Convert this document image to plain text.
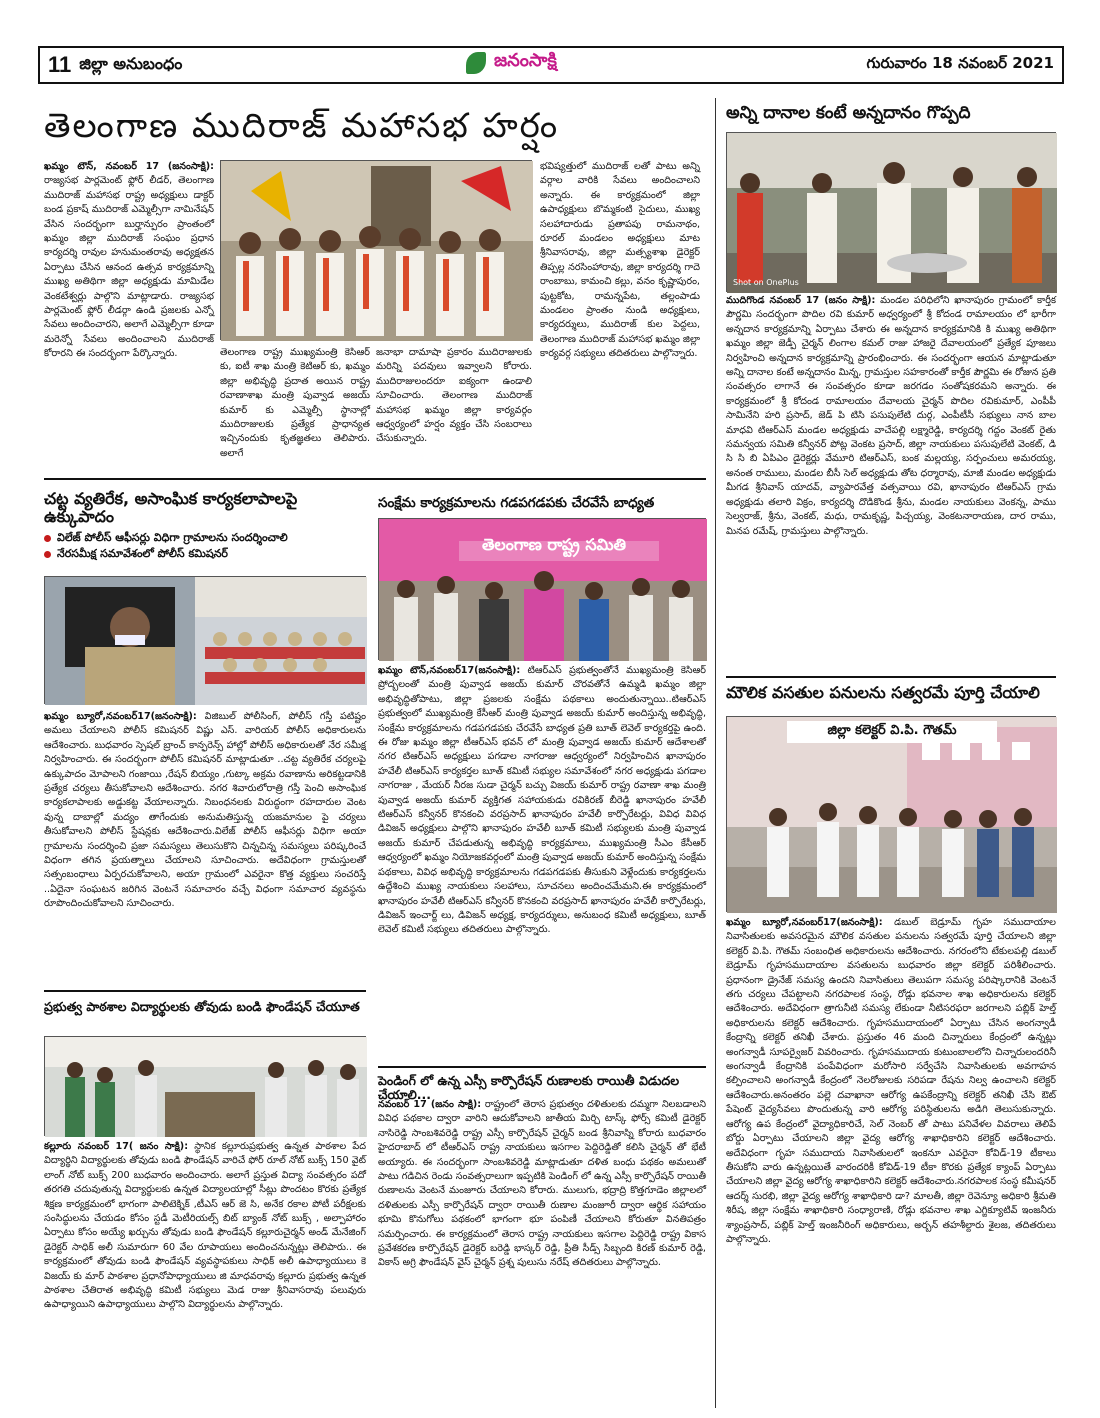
11 జిల్లా అనుబంధం	గురువారం 18 నవంబర్ 2021
జనంసాక్షి
తెలంగాణ ముదిరాజ్ మహాసభ హర్షం
ఖమ్మం టౌన్, నవంబర్ 17 (జనంసాక్షి): రాజ్యసభ పార్లమెంట్ ఫ్లోర్ లీడర్, తెలంగాణ ముదిరాజ్ మహాసభ రాష్ట్ర అధ్యక్షులు డాక్టర్ బండ ప్రకాష్ ముదిరాజ్ ఎమ్మెల్సీగా నామినేషన్ వేసిన సందర్భంగా బుర్హాన్పురం ప్రాంతంలో ఖమ్మం జిల్లా ముదిరాజ్ సంఘం ప్రధాన కార్యదర్శి రావుల హనుమంతరావు అధ్యక్షతన ఏర్పాటు చేసిన ఆనంద ఉత్సవ కార్యక్రమాన్ని ముఖ్య అతిథిగా జిల్లా అధ్యక్షుడు మామిడేల వెంకటేశ్వర్లు పాల్గొని మాట్లాడారు. రాజ్యసభ పార్లమెంట్ ఫ్లోర్ లీడర్గా ఉండి ప్రజలకు ఎన్నో సేవలు అందించారని, అలాగే ఎమ్మెల్సీగా కూడా మరెన్నో సేవలు అందించాలని ముదిరాజ్ కోరారని ఈ సందర్భంగా పేర్కొన్నారు.	తెలంగాణ రాష్ట్ర ముఖ్యమంత్రి కెసిఆర్ కు, ఐటీ శాఖ మంత్రి కెటిఆర్ కు, ఖమ్మం జిల్లా అభివృద్ధి ప్రదాత అయిన రాష్ట్ర రవాణాశాఖ మంత్రి పువ్వాడ అజయ్ కుమార్ కు ఎమ్మెల్సీ స్థానాల్లో ముదిరాజులకు ప్రత్యేక ప్రాధాన్యత ఇచ్చినందుకు కృతజ్ఞతలు తెలిపారు. అలాగే
జనాభా దామాషా ప్రకారం ముదిరాజులకు మరిన్ని పదవులు ఇవ్వాలని కోరారు. ముదిరాజులందరూ ఐక్యంగా ఉండాలి సూచించారు. తెలంగాణ ముదిరాజ్ మహాసభ ఖమ్మం జిల్లా కార్యవర్గం ఆధ్వర్యంలో హర్షం వ్యక్తం చేసి సంబరాలు చేసుకున్నారు.
భవిష్యత్తులో ముదిరాజ్ లతో పాటు అన్ని వర్గాల వారికి సేవలు అందించాలని అన్నారు. ఈ కార్యక్రమంలో జిల్లా ఉపాధ్యక్షులు బొమ్మకంటి సైదులు, ముఖ్య సలహాదారుడు ప్రతాపపు రామనాథం, రూరల్ మండలం అధ్యక్షులు మాట శ్రీనివాసరావు, జిల్లా మత్స్యశాఖ డైరెక్టర్ తిప్పల్ల నరసింహారావు, జిల్లా కార్యదర్శి గాదె రాంబాబు, కామంచి కల్లు, వనం కృష్ణాపురం, పుట్టకోట, రామన్నపేట, తల్లంపాడు మండలం ప్రాంతం నుండి అధ్యక్షులు, కార్యదర్శులు, ముదిరాజ్ కుల పెద్దలు, తెలంగాణ ముదిరాజ్ మహాసభ ఖమ్మం జిల్లా కార్యవర్గ సభ్యులు తదితరులు పాల్గొన్నారు.
అన్ని దానాల కంటే అన్నదానం గొప్పది
Shot on OnePlus
ముదిగొండ నవంబర్ 17 (జనం సాక్షి): మండల పరిధిలోని ఖానాపురం గ్రామంలో కార్తీక పౌర్ణమి సందర్భంగా పొదిల రవి కుమార్ అధ్వర్యంలో శ్రీ కోదండ రామాలయం లో భారీగా అన్నదాన కార్యక్రమాన్ని ఏర్పాటు చేశారు ఈ అన్నదాన కార్యక్రమానికి కి ముఖ్య అతిథిగా ఖమ్మం జిల్లా జెడ్పీ చైర్మన్ లింగాల కమల్ రాజు హాజరై దేవాలయంలో ప్రత్యేక పూజలు నిర్వహించి అన్నదాన కార్యక్రమాన్ని ప్రారంభించారు. ఈ సందర్భంగా ఆయన మాట్లాడుతూ అన్ని దానాల కంటే అన్నదానం మిన్న, గ్రామస్తుల సహకారంతో కార్తీక పౌర్ణమి ఈ రోజున ప్రతి సంవత్సరం లాగానే ఈ సంవత్సరం కూడా జరగడం సంతోషకరమని అన్నారు. ఈ కార్యక్రమంలో శ్రీ కోదండ రామాలయం దేవాలయ చైర్మన్ పొదిల రవికుమార్, ఎంపీపీ సామినేని హరి ప్రసాద్, జెడ్ పి టిసి పసుపులేటి దుర్గ, ఎంపీటీసీ సభ్యులు నాన బాల మాధవి టిఆర్ఎస్ మండల అధ్యక్షుడు వాచేపల్లి లక్ష్మారెడ్డి, కార్యదర్శి గద్దం వెంకట్ రైతు సమన్వయ సమితి కన్వీనర్ పోట్ల వెంకట ప్రసాద్, జిల్లా నాయకులు పసుపులేటి వెంకట్, డి సి సి బి ఏపిఎం డైరెక్టర్లు వేమూరి టిఆర్ఎస్, బంక మల్లయ్య, సర్పంచులు అమరయ్య, అనంత రాములు, మండల బీసీ సెల్ అధ్యక్షుడు తోట ధర్మారావు, మాజీ మండల అధ్యక్షుడు మీగడ శ్రీనివాస్ యాదవ్, వ్యాపారవేత్త వత్సవాయి రవి, ఖానాపురం టిఆర్ఎస్ గ్రామ అధ్యక్షుడు తలారి విక్రం, కార్యదర్శి దొడికొండ శ్రీను, మండల నాయకులు వెంకన్న, పాము సెల్వరాజ్, శ్రీను, వెంకట్, మధు, రామకృష్ణ, పిచ్చయ్య, వెంకటనారాయణ, దార రాము, మినప రమేష్, గ్రామస్తులు పాల్గొన్నారు.
మౌలిక వసతుల పనులను సత్వరమే పూర్తి చేయాలి
జిల్లా కలెక్టర్ వి.పి. గౌతమ్
ఖమ్మం బ్యూరో,నవంబర్17(జనంసాక్షి): డబుల్ బెడ్రూమ్ గృహ సముదాయాల నివాసితులకు అవసరమైన మౌలిక వసతుల పనులను సత్వరమే పూర్తి చేయాలని జిల్లా కలెక్టర్ వి.పి. గౌతమ్ సంబంధిత అధికారులను ఆదేశించారు. నగరంలోని టేకులపల్లి డబుల్ బెడ్రూమ్ గృహసముదాయాల వసతులను బుధవారం జిల్లా కలెక్టర్ పరిశీలించారు. ప్రధానంగా డ్రైనేజ్ సమస్య ఉందని నివాసితులు తెలుపగా సమస్య పరిష్కారానికి వెంటనే తగు చర్యలు చేపట్టాలని నగరపాలక సంస్థ, రోడ్లు భవనాల శాఖ అధికారులను కలెక్టర్ ఆదేశించారు. అదేవిధంగా త్రాగునీటి సమస్య లేకుండా నీటిసరఫరా జరగాలని పబ్లిక్ హెల్త్ అధికారులను కలెక్టర్ ఆదేశించారు. గృహసముదాయంలో ఏర్పాటు చేసిన అంగన్వాడీ కేంద్రాన్ని కలెక్టర్ తనిఖీ చేశారు. ప్రస్తుతం 46 మంది చిన్నారులు కేంద్రంలో ఉన్నట్లు అంగన్వాడీ సూపర్వైజర్ వివరించారు. గృహసముదాయ కుటుంబాలలోని చిన్నారులందరినీ అంగన్వాడీ కేంద్రానికి పంపేవిధంగా మరోసారి సర్వేచేసి నివాసితులకు అవగాహన కల్పించాలని అంగన్వాడీ కేంద్రంలో నెలరోజులకు సరిపడా రేషను నిల్వ ఉంచాలని కలెక్టర్ ఆదేశించారు.అనంతరం పల్లె దవాఖానా ఆరోగ్య ఉపకేంద్రాన్ని కలెక్టర్ తనిఖీ చేసి ఔట్ పేషెంట్ వైద్యసేవలు పొందుతున్న వారి ఆరోగ్య పరిస్థితులను అడిగి తెలుసుకున్నారు. ఆరోగ్య ఉప కేంద్రంలో వైద్యాధికారిచే, సెల్ నెంబర్ తో పాటు పనివేళల వివరాలు తెలిపే బోర్డు ఏర్పాటు చేయాలని జిల్లా వైద్య ఆరోగ్య శాఖాధికారిని కలెక్టర్ ఆదేశించారు. అదేవిధంగా గృహ సముదాయ నివాసితులలో ఇంకనూ ఎవరైనా కోవిడ్-19 టీకాలు తీసుకోని వారు ఉన్నట్లయితే వారందరికీ కోవిడ్-19 టీకా కొరకు ప్రత్యేక క్యాంప్ ఏర్పాటు చేయాలని జిల్లా వైద్య ఆరోగ్య శాఖాధికారిని కలెక్టర్ ఆదేశించారు.నగరపాలక సంస్థ కమీషనర్ ఆదర్శ్ సురభి, జిల్లా వైద్య ఆరోగ్య శాఖాధికారి డా? మాలతీ, జిల్లా రెవెన్యూ అధికారి శ్రీమతి శిరీష, జిల్లా సంక్షేమ శాఖాధికారి సంధ్యారాణి, రోడ్లు భవనాల శాఖ ఎగ్జిక్యూటివ్ ఇంజనీరు శ్యాంప్రసాద్, పబ్లిక్ హెల్త్ ఇంజనీరింగ్ అధికారులు, అర్బన్ తహశీల్దారు శైలజ, తదితరులు పాల్గొన్నారు.
చట్ట వ్యతిరేక, అసాంఘిక కార్యకలాపాలపై ఉక్కుపాదం
విలేజ్ పోలీస్ ఆఫీసర్లు విధిగా గ్రామాలను సందర్శించాలి
నేరసమీక్ష సమావేశంలో పోలీస్ కమిషనర్
ఖమ్మం బ్యూరో,నవంబర్17(జనంసాక్షి): విజిబుల్ పోలీసింగ్, పోలీస్ గస్తీ పటిష్టం అమలు చేయాలని పోలీస్ కమిషనర్ విష్ణు ఎస్. వారియర్ పోలీస్ అధికారులను ఆదేశించారు. బుధవారం స్పెషల్ బ్రాంచ్ కాన్ఫరెన్స్ హాల్లో పోలీస్ అధికారులతో నేర సమీక్ష నిర్వహించారు. ఈ సందర్భంగా పోలీస్ కమిషనర్ మాట్లాడుతూ ..చట్ట వ్యతిరేక చర్యలపై ఉక్కుపాదం మోపాలని గంజాయి ,రేషన్ బియ్యం ,గుట్కా అక్రమ రవాణాను అరికట్టడానికి ప్రత్యేక చర్యలు తీసుకోవాలని ఆదేశించారు. నగర శివారులోరాత్రి గస్తీ పెంచి అసాంఘిక కార్యకలాపాలకు అడ్డుకట్ట వేయాలన్నారు. నిబంధనలకు విరుద్ధంగా రహదారుల వెంట వున్న దాబాల్లో మద్యం తాగేందుకు అనుమతిస్తున్న యజమానుల పై చర్యలు తీసుకోవాలని పోలీస్ స్టేషన్లకు ఆదేశించారు.విలేజ్ పోలీస్ ఆఫీసర్లు విధిగా అయా గ్రామాలను సందర్శించి ప్రజా సమస్యలు తెలుసుకొని చిన్నచిన్న సమస్యలు పరిష్కరించే విధంగా తగిన ప్రయత్నాలు చేయాలని సూచించారు. అదేవిధంగా గ్రామస్తులతో సత్సంబంధాలు ఏర్పరచుకోవాలని, అయా గ్రామంలో ఎవరైనా కొత్త వ్యక్తులు సంచరిస్తే ..ఏదైనా సంఘటన జరిగిన వెంటనే సమాచారం వచ్చే విధంగా సమాచార వ్యవస్థను రూపొందించుకోవాలని సూచించారు.
సంక్షేమ కార్యక్రమాలను గడపగడపకు చేరవేసే బాధ్యత
తెలంగాణ రాష్ట్ర సమితి
ఖమ్మం టౌన్,నవంబర్17(జనంసాక్షి): టిఆర్ఎస్ ప్రభుత్వంతోనే ముఖ్యమంత్రి కెసిఆర్ ప్రోద్బలంతో మంత్రి పువ్వాడ అజయ్ కుమార్ చొరవతోనే ఉమ్మడి ఖమ్మం జిల్లా అభివృద్ధితోపాటు, జిల్లా ప్రజలకు సంక్షేమ పథకాలు అందుతున్నాయి..టిఆర్ఎస్ ప్రభుత్వంలో ముఖ్యమంత్రి కేసీఆర్ మంత్రి పువ్వాడ అజయ్ కుమార్ అందిస్తున్న అభివృద్ధి, సంక్షేమ కార్యక్రమాలను గడపగడపకు చేరవేసే బాధ్యత ప్రతి బూత్ లెవెల్ కార్యకర్తపై ఉంది. ఈ రోజు ఖమ్మం జిల్లా టీఆర్ఎస్ భవన్ లో మంత్రి పువ్వాడ అజయ్ కుమార్ ఆదేశాలతో నగర టిఆర్ఎస్ అధ్యక్షులు పగడాల నాగరాజు ఆధ్వర్యంలో నిర్వహించిన ఖానాపురం హవేలీ టిఆర్ఎస్ కార్యకర్తల బూత్ కమిటీ సభ్యుల సమావేశంలో నగర అధ్యక్షుడు పగడాల నాగరాజు , మేయర్ నీరజ సుడా చైర్మన్ బచ్చు విజయ్ కుమార్ రాష్ట్ర రవాణా శాఖ మంత్రి పువ్వాడ అజయ్ కుమార్ వ్యక్తిగత సహాయకుడు రవికిరణ్ బీరెడ్డి ఖానాపురం హవేలీ టిఆర్ఎస్ కన్వీనర్ కొనకంచి వరప్రసాద్ ఖానాపురం హవేలీ కార్పొరేటర్లు, వివిధ వివిధ డివిజన్ అధ్యక్షులు పాల్గొని ఖానాపురం హవేలీ బూత్ కమిటీ సభ్యులకు మంత్రి పువ్వాడ అజయ్ కుమార్ చేపడుతున్న అభివృద్ధి కార్యక్రమాలు, ముఖ్యమంత్రి సీఎం కేసీఆర్ ఆధ్వర్యంలో ఖమ్మం నియోజకవర్గంలో మంత్రి పువ్వాడ అజయ్ కుమార్ అందిస్తున్న సంక్షేమ పథకాలు, వివిధ అభివృద్ధి కార్యక్రమాలను గడపగడపకు తీసుకుని వెళ్లేందుకు కార్యకర్తలను ఉద్దేశించి ముఖ్య నాయకులు సలహాలు, సూచనలు అందించమేమని.ఈ కార్యక్రమంలో ఖానాపురం హవేలీ టిఆర్ఎస్ కన్వీనర్ కొనకంచి వరప్రసాద్ ఖానాపురం హవేలీ కార్పొరేటర్లు, డివిజన్ ఇంచార్జ్ లు, డివిజన్ అధ్యక్ష, కార్యదర్శులు, అనుబంధ కమిటీ అధ్యక్షులు, బూత్ లెవెల్ కమిటీ సభ్యులు తదితరులు పాల్గొన్నారు.
ప్రభుత్వ పాఠశాల విద్యార్థులకు తోవుడు బండి ఫౌండేషన్ చేయూత
కల్లూరు నవంబర్ 17( జనం సాక్షి): స్థానిక కల్లూరుప్రభుత్వ ఉన్నత పాఠశాల పేద విద్యార్థిని విద్యార్థులకు తోవుడు బండి ఫౌండేషన్ వారిచే ఫోర్ రూల్ నోట్ బుక్స్ 150 వైట్ లాంగ్ నోట్ బుక్స్ 200 బుధవారం అందించారు. అలాగే ప్రస్తుత విద్యా సంవత్సరం పదో తరగతి చదువుతున్న విద్యార్థులకు ఉన్నత విద్యాలయాల్లో సీట్లు పొందటం కొరకు ప్రత్యేక శిక్షణ కార్యక్రమంలో భాగంగా పాలిటెక్నిక్ ,టీఎస్ ఆర్ జె సి, అనేక రకాల పోటీ పరీక్షలకు సంసిద్ధులను చేయడం కోసం స్టడీ మెటీరియల్స్ బిట్ బ్యాంక్ నోట్ బుక్స్ , అల్పాహారం ఏర్పాటు కోసం అయ్యే ఖర్చును తోవుడు బండి ఫౌండేషన్ కల్లూరుచైర్మన్ అండ్ మేనేజింగ్ డైరెక్టర్ సాధిక్ అలీ సుమారుగా 60 వేల రూపాయలు అందించనున్నట్లు తెలిపారు.. ఈ కార్యక్రమంలో తోవుడు బండి ఫౌండేషన్ వ్యవస్థాపకులు సాధిక్ అలీ ఉపాధ్యాయులు కె విజయ్ కు మార్ పాఠశాల ప్రధానోపాధ్యాయులు జి మాధవరావు కల్లూరు ప్రభుత్వ ఉన్నత పాఠశాల చేతిరాత అభివృద్ధి కమిటీ సభ్యులు మెడ రాజు శ్రీనివాసరావు పలువురు ఉపాధ్యాయిని ఉపాధ్యాయులు పాల్గొని విద్యార్థులను పాల్గొన్నారు.
పెండింగ్ లో ఉన్న ఎస్సీ కార్పొరేషన్ రుణాలకు రాయితీ విడుదల చేయాలి...
నవంబర్ 17 (జనం సాక్షి): రాష్ట్రంలో తెరాస ప్రభుత్వం దళితులకు దమ్మగా నిలబడాలని వివిధ పథకాల ద్వారా వారిని ఆదుకోవాలని జాతీయ మిర్చి టాస్క్ ఫోర్స్ కమిటీ డైరెక్టర్ నాసిరెడ్డి సాంబశివరెడ్డి రాష్ట్ర ఎస్సీ కార్పొరేషన్ చైర్మన్ బండ శ్రీనివాస్ని కోరారు బుధవారం హైదరాబాద్ లో టీఆర్ఎస్ రాష్ట్ర నాయకులు ఇసగాల పెద్దిరెడ్డితో కలిసి చైర్మన్ తో భేటీ అయ్యారు. ఈ సందర్భంగా సాంబశివరెడ్డి మాట్లాడుతూ దళిత బంధు పథకం అమలుతో పాటు గడిచిన రెండు సంవత్సరాలుగా ఇప్పటికి పెండింగ్ లో ఉన్న ఎస్సీ కార్పొరేషన్ రాయితీ రుణాలను వెంటనే మంజూరు చేయాలని కోరారు. ములుగు, భద్రాద్రి కొత్తగూడెం జిల్లాలలో దళితులకు ఎస్సీ కార్పొరేషన్ ద్వారా రాయితీ రుణాల మంజూరీ ద్వారా ఆర్థిక సహాయం భూమి కొనుగోలు పథకంలో భాగంగా భూ పంపిణీ చేయాలని కోరుతూ వినతిపత్రం సమర్పించారు. ఈ కార్యక్రమంలో తెరాస రాష్ట్ర నాయకులు ఇసగాల పెద్దిరెడ్డి రాష్ట్ర వికాస ప్రవేశకరణ కార్పొరేషన్ డైరెక్టర్ బరెడ్డి భాస్కర్ రెడ్డి, ప్రీతి సీడ్స్ సిబ్బంది కిరణ్ కుమార్ రెడ్డి, వికాస్ అగ్రి ఫౌండేషన్ వైస్ చైర్మన్ ప్రశ్న పులుసు నరేష్ తదితరులు పాల్గొన్నారు.
